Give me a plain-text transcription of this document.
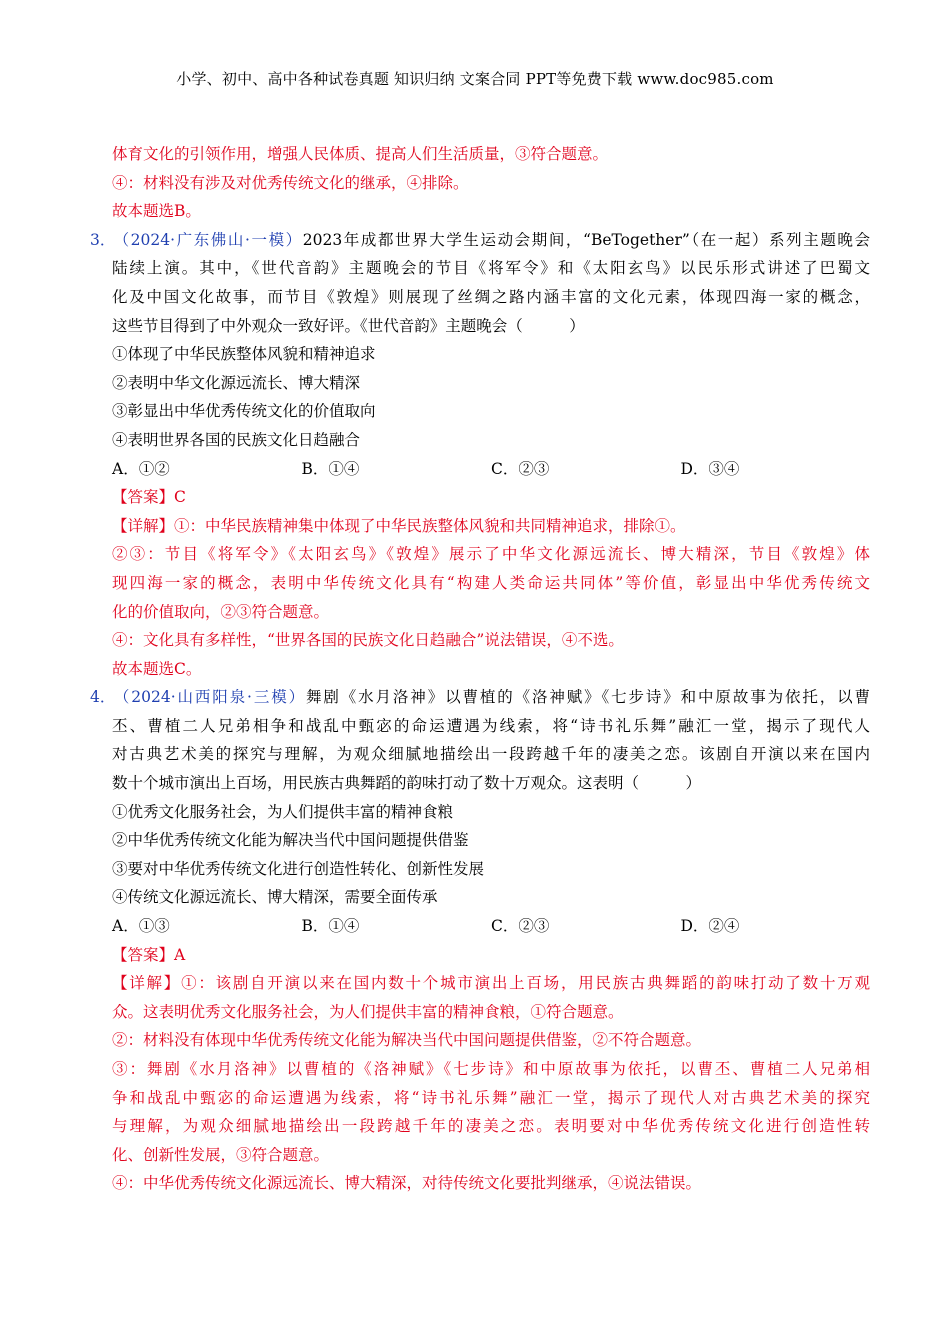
小学、初中、高中各种试卷真题 知识归纳 文案合同 PPT等免费下载 www.doc985.com
体育文化的引领作用，增强人民体质、提高人们生活质量，③符合题意。
④：材料没有涉及对优秀传统文化的继承，④排除。
故本题选B。
3．（2024·广东佛山·一模）2023年成都世界大学生运动会期间，“BeTogether”（在一起）系列主题晚会
陆续上演。其中，《世代音韵》主题晚会的节目《将军令》和《太阳玄鸟》以民乐形式讲述了巴蜀文
化及中国文化故事，而节目《敦煌》则展现了丝绸之路内涵丰富的文化元素，体现四海一家的概念，
这些节目得到了中外观众一致好评。《世代音韵》主题晚会（　　　）
①体现了中华民族整体风貌和精神追求
②表明中华文化源远流长、博大精深
③彰显出中华优秀传统文化的价值取向
④表明世界各国的民族文化日趋融合
A．①②	B．①④	C．②③	D．③④
【答案】C
【详解】①：中华民族精神集中体现了中华民族整体风貌和共同精神追求，排除①。
②③：节目《将军令》《太阳玄鸟》《敦煌》展示了中华文化源远流长、博大精深，节目《敦煌》体
现四海一家的概念，表明中华传统文化具有“构建人类命运共同体”等价值，彰显出中华优秀传统文
化的价值取向，②③符合题意。
④：文化具有多样性，“世界各国的民族文化日趋融合”说法错误，④不选。
故本题选C。
4．（2024·山西阳泉·三模）舞剧《水月洛神》以曹植的《洛神赋》《七步诗》和中原故事为依托，以曹
丕、曹植二人兄弟相争和战乱中甄宓的命运遭遇为线索，将“诗书礼乐舞”融汇一堂，揭示了现代人
对古典艺术美的探究与理解，为观众细腻地描绘出一段跨越千年的凄美之恋。该剧自开演以来在国内
数十个城市演出上百场，用民族古典舞蹈的韵味打动了数十万观众。这表明（　　　）
①优秀文化服务社会，为人们提供丰富的精神食粮
②中华优秀传统文化能为解决当代中国问题提供借鉴
③要对中华优秀传统文化进行创造性转化、创新性发展
④传统文化源远流长、博大精深，需要全面传承
A．①③	B．①④	C．②③	D．②④
【答案】A
【详解】①：该剧自开演以来在国内数十个城市演出上百场，用民族古典舞蹈的韵味打动了数十万观
众。这表明优秀文化服务社会，为人们提供丰富的精神食粮，①符合题意。
②：材料没有体现中华优秀传统文化能为解决当代中国问题提供借鉴，②不符合题意。
③：舞剧《水月洛神》以曹植的《洛神赋》《七步诗》和中原故事为依托，以曹丕、曹植二人兄弟相
争和战乱中甄宓的命运遭遇为线索，将“诗书礼乐舞”融汇一堂，揭示了现代人对古典艺术美的探究
与理解，为观众细腻地描绘出一段跨越千年的凄美之恋。表明要对中华优秀传统文化进行创造性转
化、创新性发展，③符合题意。
④：中华优秀传统文化源远流长、博大精深，对待传统文化要批判继承，④说法错误。
